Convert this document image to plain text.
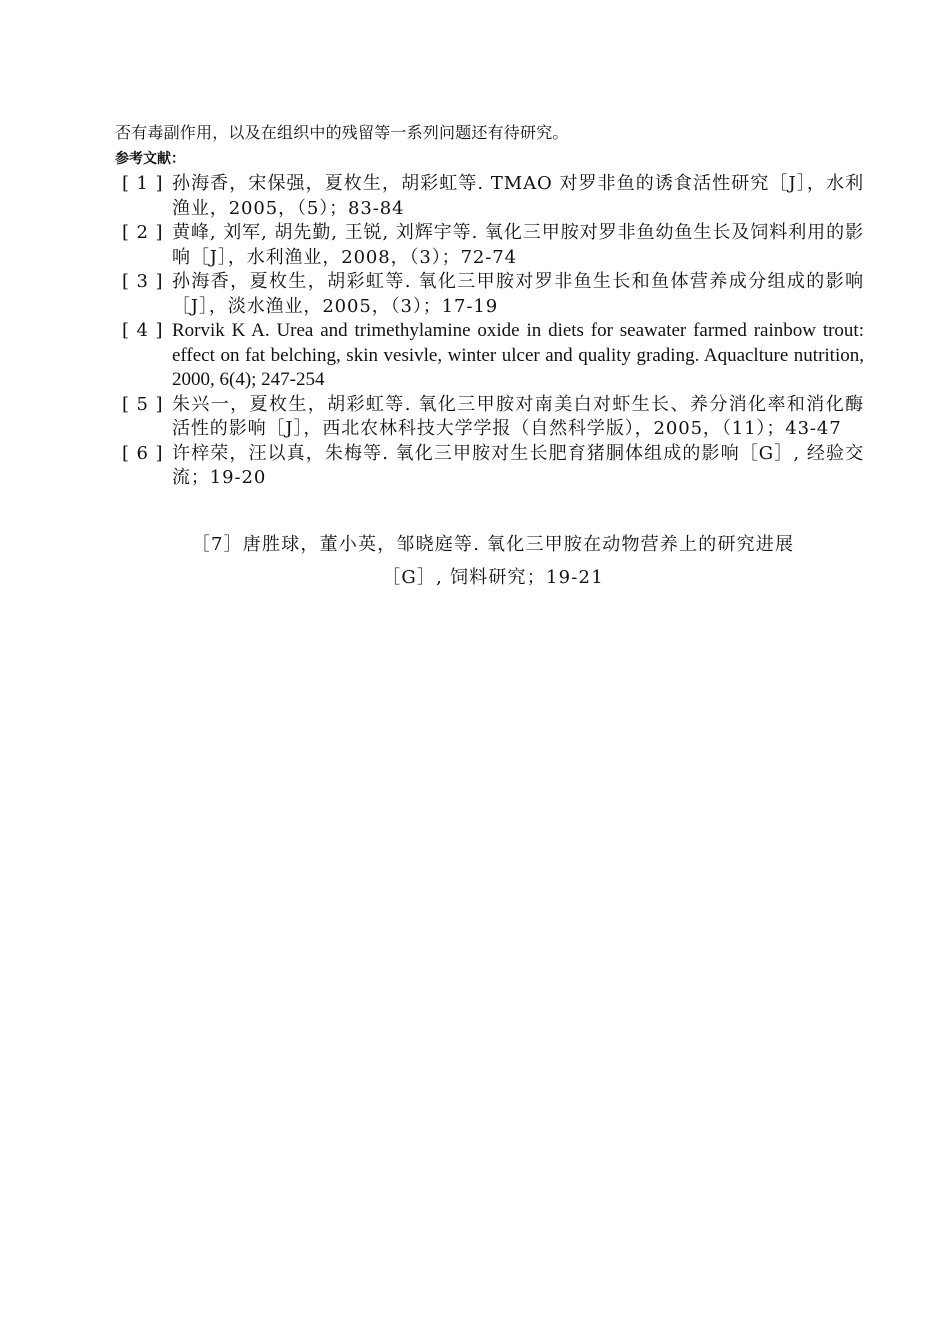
否有毒副作用，以及在组织中的残留等一系列问题还有待研究。
参考文献：
[ 1 ] 孙海香，宋保强，夏枚生，胡彩虹等. TMAO 对罗非鱼的诱食活性研究［J］，水利渔业，2005，（5）；83-84
[ 2 ] 黄峰, 刘军, 胡先勤, 王锐, 刘辉宇等. 氧化三甲胺对罗非鱼幼鱼生长及饲料利用的影响［J］，水利渔业，2008，（3）；72-74
[ 3 ] 孙海香，夏枚生，胡彩虹等. 氧化三甲胺对罗非鱼生长和鱼体营养成分组成的影响［J］，淡水渔业，2005，（3）；17-19
[ 4 ] Rorvik K A. Urea and trimethylamine oxide in diets for seawater farmed rainbow trout: effect on fat belching, skin vesivle, winter ulcer and quality grading. Aquaclture nutrition, 2000, 6(4); 247-254
[ 5 ] 朱兴一，夏枚生，胡彩虹等. 氧化三甲胺对南美白对虾生长、养分消化率和消化酶活性的影响［J］，西北农林科技大学学报（自然科学版），2005，（11）；43-47
[ 6 ] 许梓荣，汪以真，朱梅等. 氧化三甲胺对生长肥育猪胴体组成的影响［G］, 经验交流；19-20
［7］唐胜球，董小英，邹晓庭等. 氧化三甲胺在动物营养上的研究进展
［G］, 饲料研究；19-21
